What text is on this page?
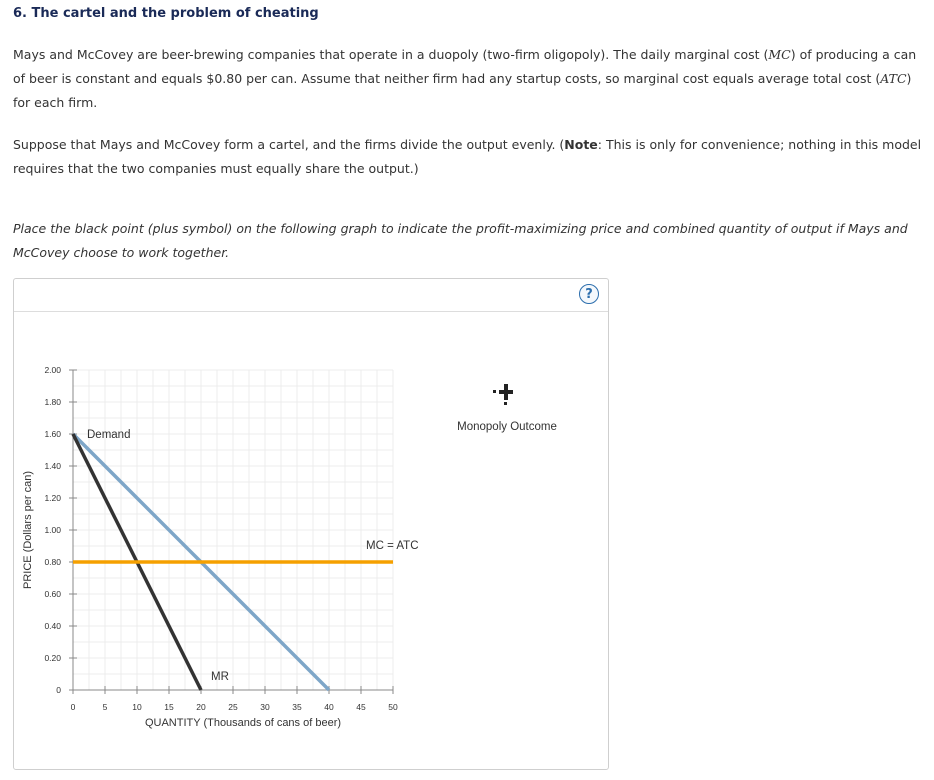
6. The cartel and the problem of cheating
Mays and McCovey are beer-brewing companies that operate in a duopoly (two-firm oligopoly). The daily marginal cost (MC) of producing a can of beer is constant and equals $0.80 per can. Assume that neither firm had any startup costs, so marginal cost equals average total cost (ATC) for each firm.
Suppose that Mays and McCovey form a cartel, and the firms divide the output evenly. (Note: This is only for convenience; nothing in this model requires that the two companies must equally share the output.)
Place the black point (plus symbol) on the following graph to indicate the profit-maximizing price and combined quantity of output if Mays and McCovey choose to work together.
?
0
0.20
0.40
0.60
0.80
1.00
1.20
1.40
1.60
1.80
2.00
0	5	10	15	20	25	30	35	40	45	50
QUANTITY (Thousands of cans of beer)
PRICE (Dollars per can)
Demand
MR
MC = ATC
Monopoly Outcome
